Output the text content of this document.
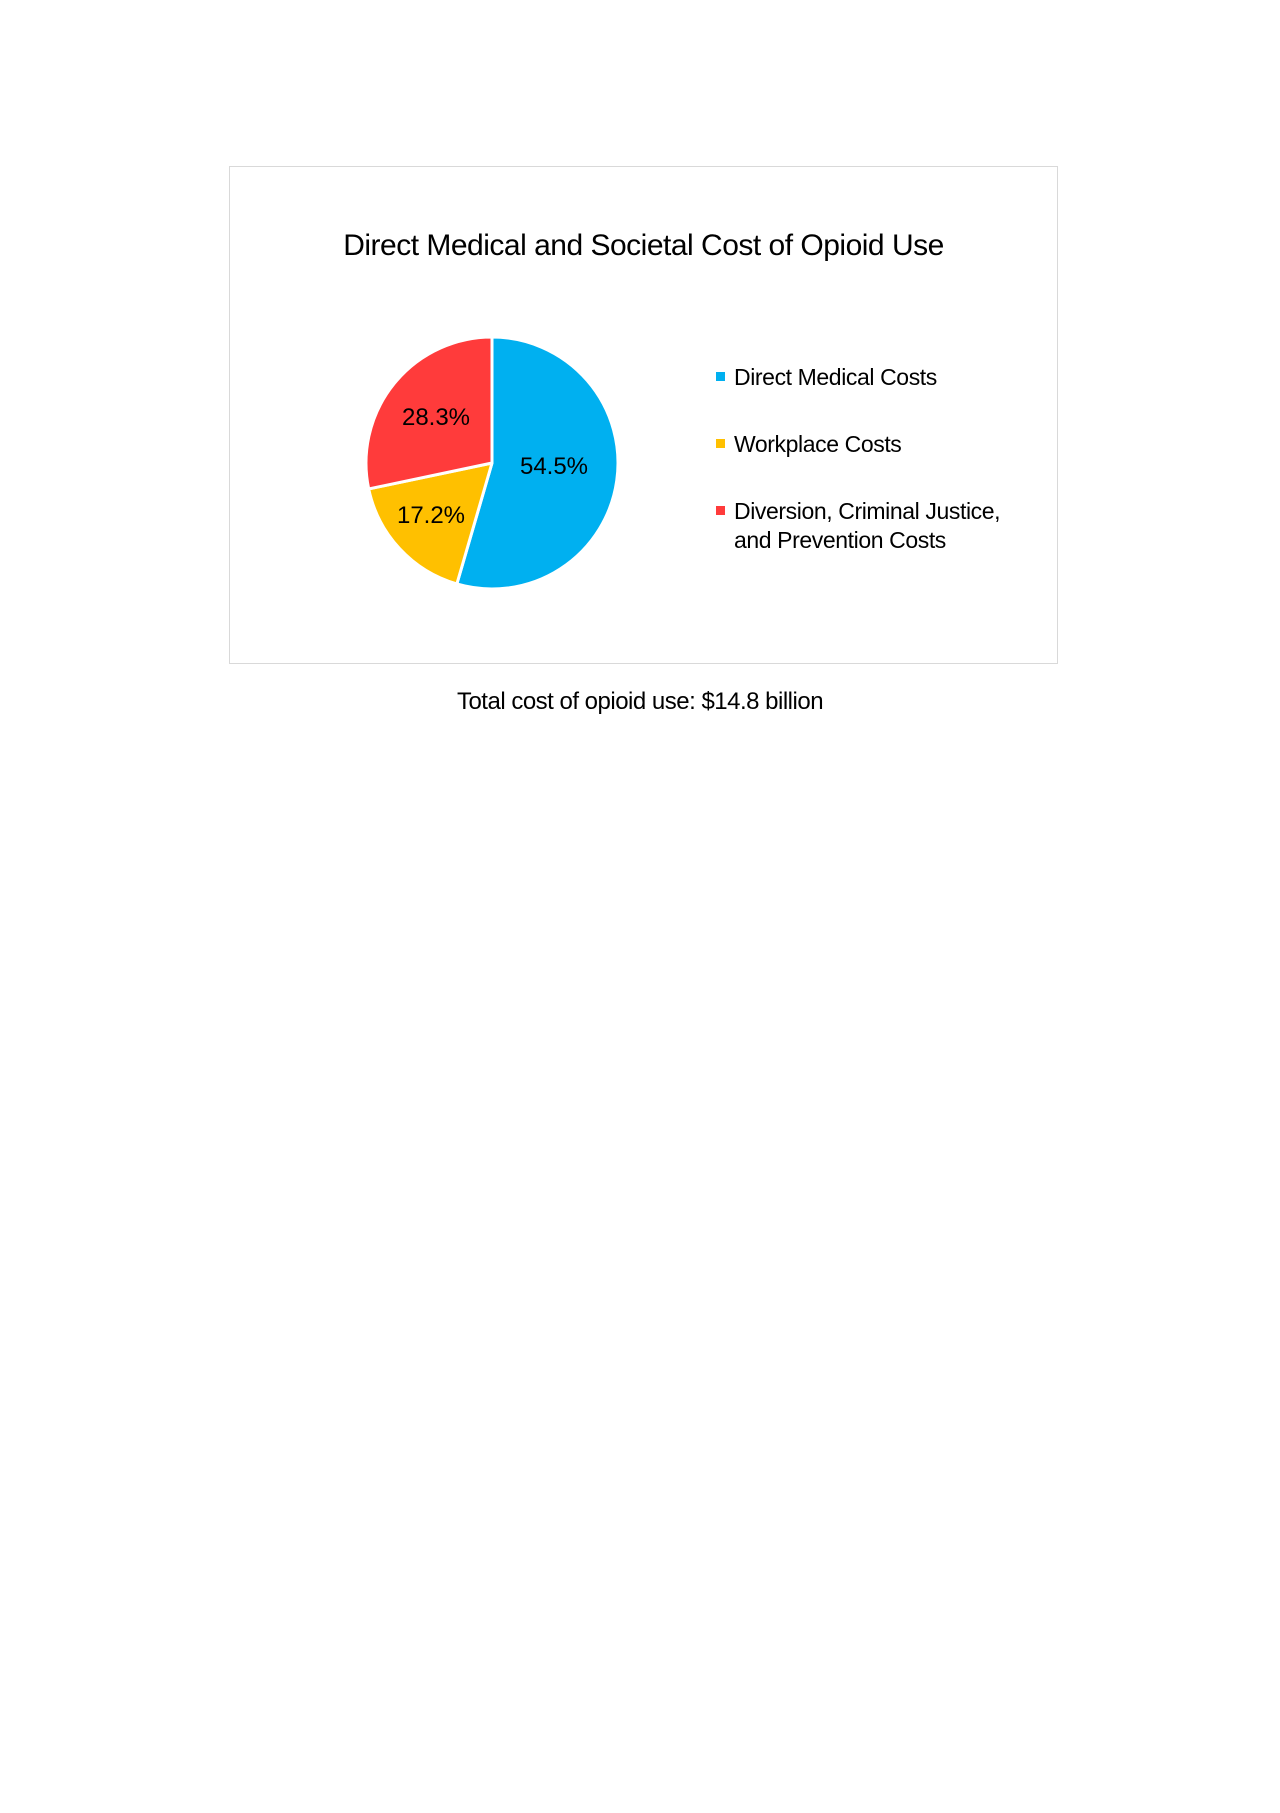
Direct Medical and Societal Cost of Opioid Use
54.5%
17.2%
28.3%
Direct Medical Costs
Workplace Costs
Diversion, Criminal Justice, and Prevention Costs
Total cost of opioid use: $14.8 billion
